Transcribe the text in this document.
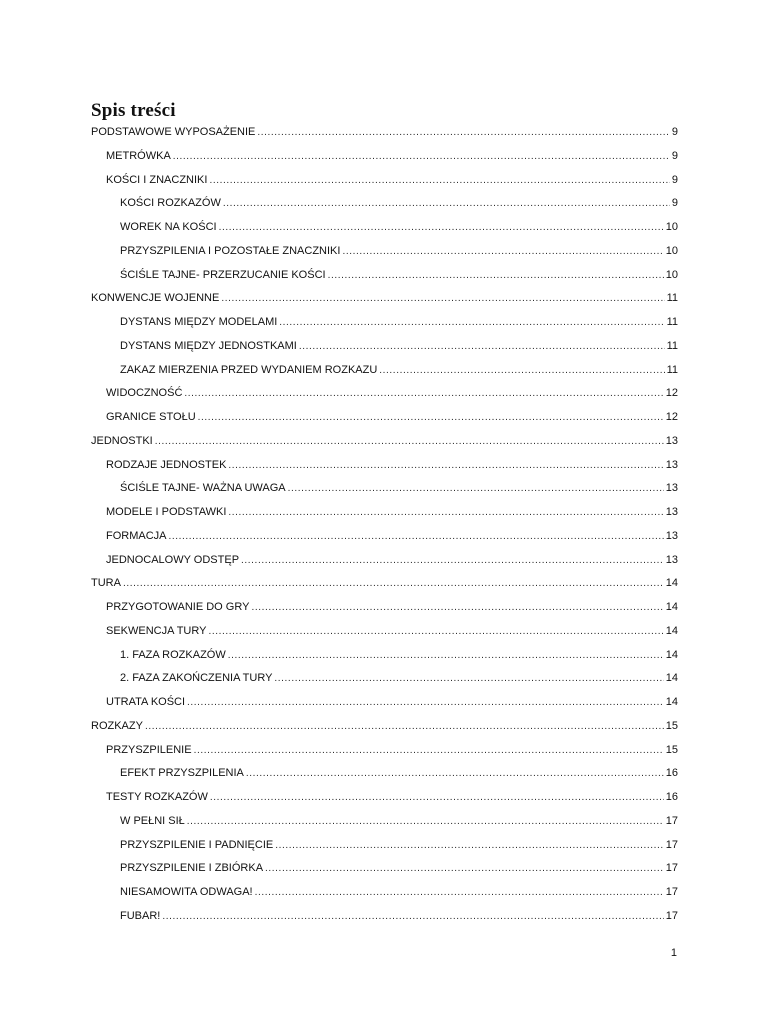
Spis treści
PODSTAWOWE WYPOSAŻENIE .....	9
METRÓWKA .....	9
KOŚCI I ZNACZNIKI .....	9
KOŚCI ROZKAZÓW .....	9
WOREK NA KOŚCI .....	10
PRZYSZPILENIA I POZOSTAŁE ZNACZNIKI .....	10
ŚCIŚLE TAJNE- PRZERZUCANIE KOŚCI .....	10
KONWENCJE WOJENNE .....	11
DYSTANS MIĘDZY MODELAMI .....	11
DYSTANS MIĘDZY JEDNOSTKAMI .....	11
ZAKAZ MIERZENIA PRZED WYDANIEM ROZKAZU .....	11
WIDOCZNOŚĆ .....	12
GRANICE STOŁU .....	12
JEDNOSTKI .....	13
RODZAJE JEDNOSTEK .....	13
ŚCIŚLE TAJNE- WAŻNA UWAGA .....	13
MODELE I PODSTAWKI .....	13
FORMACJA .....	13
JEDNOCALOWY ODSTĘP .....	13
TURA .....	14
PRZYGOTOWANIE DO GRY .....	14
SEKWENCJA TURY .....	14
1. FAZA ROZKAZÓW .....	14
2. FAZA ZAKOŃCZENIA TURY .....	14
UTRATA KOŚCI .....	14
ROZKAZY .....	15
PRZYSZPILENIE .....	15
EFEKT PRZYSZPILENIA .....	16
TESTY ROZKAZÓW .....	16
W PEŁNI SIŁ .....	17
PRZYSZPILENIE I PADNIĘCIE .....	17
PRZYSZPILENIE I ZBIÓRKA .....	17
NIESAMOWITA ODWAGA! .....	17
FUBAR! .....	17
1
